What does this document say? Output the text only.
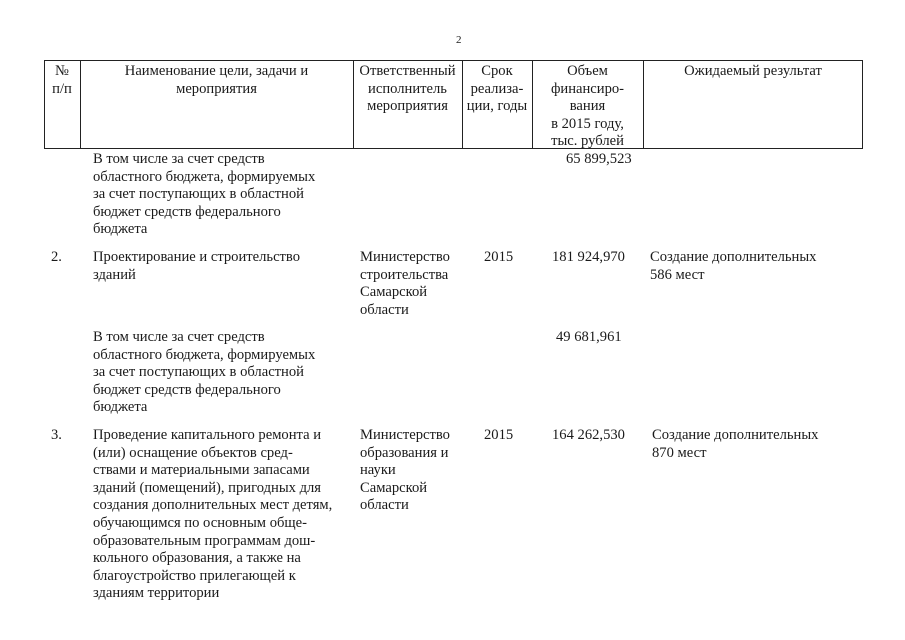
2
№
п/п
Наименование цели, задачи и
мероприятия
Ответственный
исполнитель
мероприятия
Срок
реализа-
ции, годы
Объем
финансиро-
вания
в 2015 году,
тыс. рублей
Ожидаемый результат
В том числе за счет средств
областного бюджета, формируемых
за счет поступающих в областной
бюджет средств федерального
бюджета
65 899,523
2. Проектирование и строительство
зданий
Министерство
строительства
Самарской
области
2015	181 924,970 Создание дополнительных
586 мест
В том числе за счет средств
областного бюджета, формируемых
за счет поступающих в областной
бюджет средств федерального
бюджета
49 681,961
3. Проведение капитального ремонта и
(или) оснащение объектов сред-
ствами и материальными запасами
зданий (помещений), пригодных для
создания дополнительных мест детям,
обучающимся по основным обще-
образовательным программам дош-
кольного образования, а также на
благоустройство прилегающей к
зданиям территории
Министерство
образования и
науки
Самарской
области
2015	164 262,530 Создание дополнительных
870 мест
